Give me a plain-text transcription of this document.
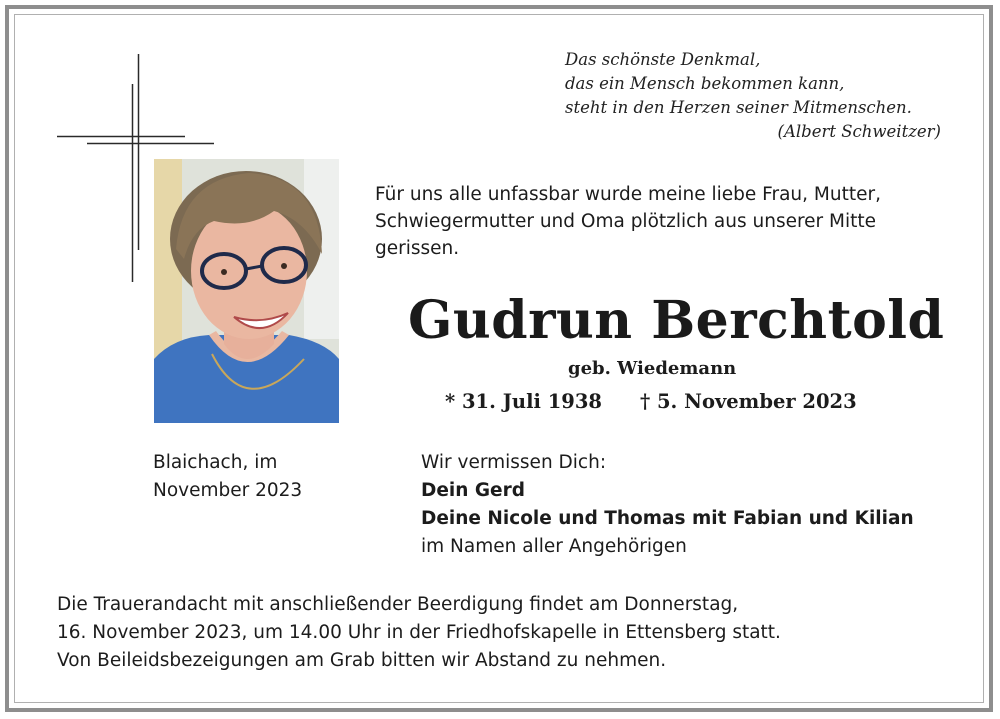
Das schönste Denkmal,
das ein Mensch bekommen kann,
steht in den Herzen seiner Mitmenschen.
(Albert Schweitzer)
Für uns alle unfassbar wurde meine liebe Frau, Mutter,
Schwiegermutter und Oma plötzlich aus unserer Mitte
gerissen.
Gudrun Berchtold
geb. Wiedemann
* 31. Juli 1938 † 5. November 2023
Blaichach, im
November 2023
Wir vermissen Dich:
Dein Gerd
Deine Nicole und Thomas mit Fabian und Kilian
im Namen aller Angehörigen
Die Trauerandacht mit anschließender Beerdigung findet am Donnerstag,
16. November 2023, um 14.00 Uhr in der Friedhofskapelle in Ettensberg statt.
Von Beileidsbezeigungen am Grab bitten wir Abstand zu nehmen.
